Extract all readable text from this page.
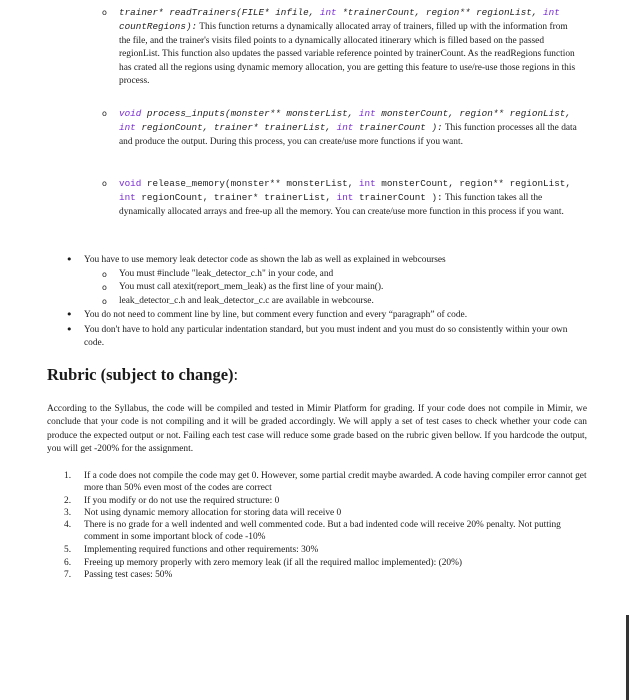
o trainer* readTrainers(FILE* infile, int *trainerCount, region** regionList, int
countRegions): This function returns a dynamically allocated array of trainers, filled up with the information from the file, and the trainer's visits filed points to a dynamically allocated itinerary which is filled based on the passed regionList. This function also updates the passed variable reference pointed by trainerCount. As the readRegions function has crated all the regions using dynamic memory allocation, you are getting this feature to use/re-use those regions in this process.
o void process_inputs(monster** monsterList, int monsterCount, region** regionList,
int regionCount, trainer* trainerList, int trainerCount ): This function processes all the data and produce the output. During this process, you can create/use more functions if you want.
o void release_memory(monster** monsterList, int monsterCount, region** regionList,
int regionCount, trainer* trainerList, int trainerCount ): This function takes all the dynamically allocated arrays and free-up all the memory. You can create/use more function in this process if you want.
• You have to use memory leak detector code as shown the lab as well as explained in webcourses
o You must #include "leak_detector_c.h" in your code, and
o You must call atexit(report_mem_leak) as the first line of your main().
o leak_detector_c.h and leak_detector_c.c are available in webcourse.
• You do not need to comment line by line, but comment every function and every “paragraph” of code.
• You don't have to hold any particular indentation standard, but you must indent and you must do so consistently within your own code.
Rubric (subject to change):
According to the Syllabus, the code will be compiled and tested in Mimir Platform for grading. If your code does not compile in Mimir, we conclude that your code is not compiling and it will be graded accordingly. We will apply a set of test cases to check whether your code can produce the expected output or not. Failing each test case will reduce some grade based on the rubric given bellow. If you hardcode the output, you will get -200% for the assignment.
1. If a code does not compile the code may get 0. However, some partial credit maybe awarded. A code having compiler error cannot get more than 50% even most of the codes are correct
2. If you modify or do not use the required structure: 0
3. Not using dynamic memory allocation for storing data will receive 0
4. There is no grade for a well indented and well commented code. But a bad indented code will receive 20% penalty. Not putting comment in some important block of code -10%
5. Implementing required functions and other requirements: 30%
6. Freeing up memory properly with zero memory leak (if all the required malloc implemented): (20%)
7. Passing test cases: 50%
